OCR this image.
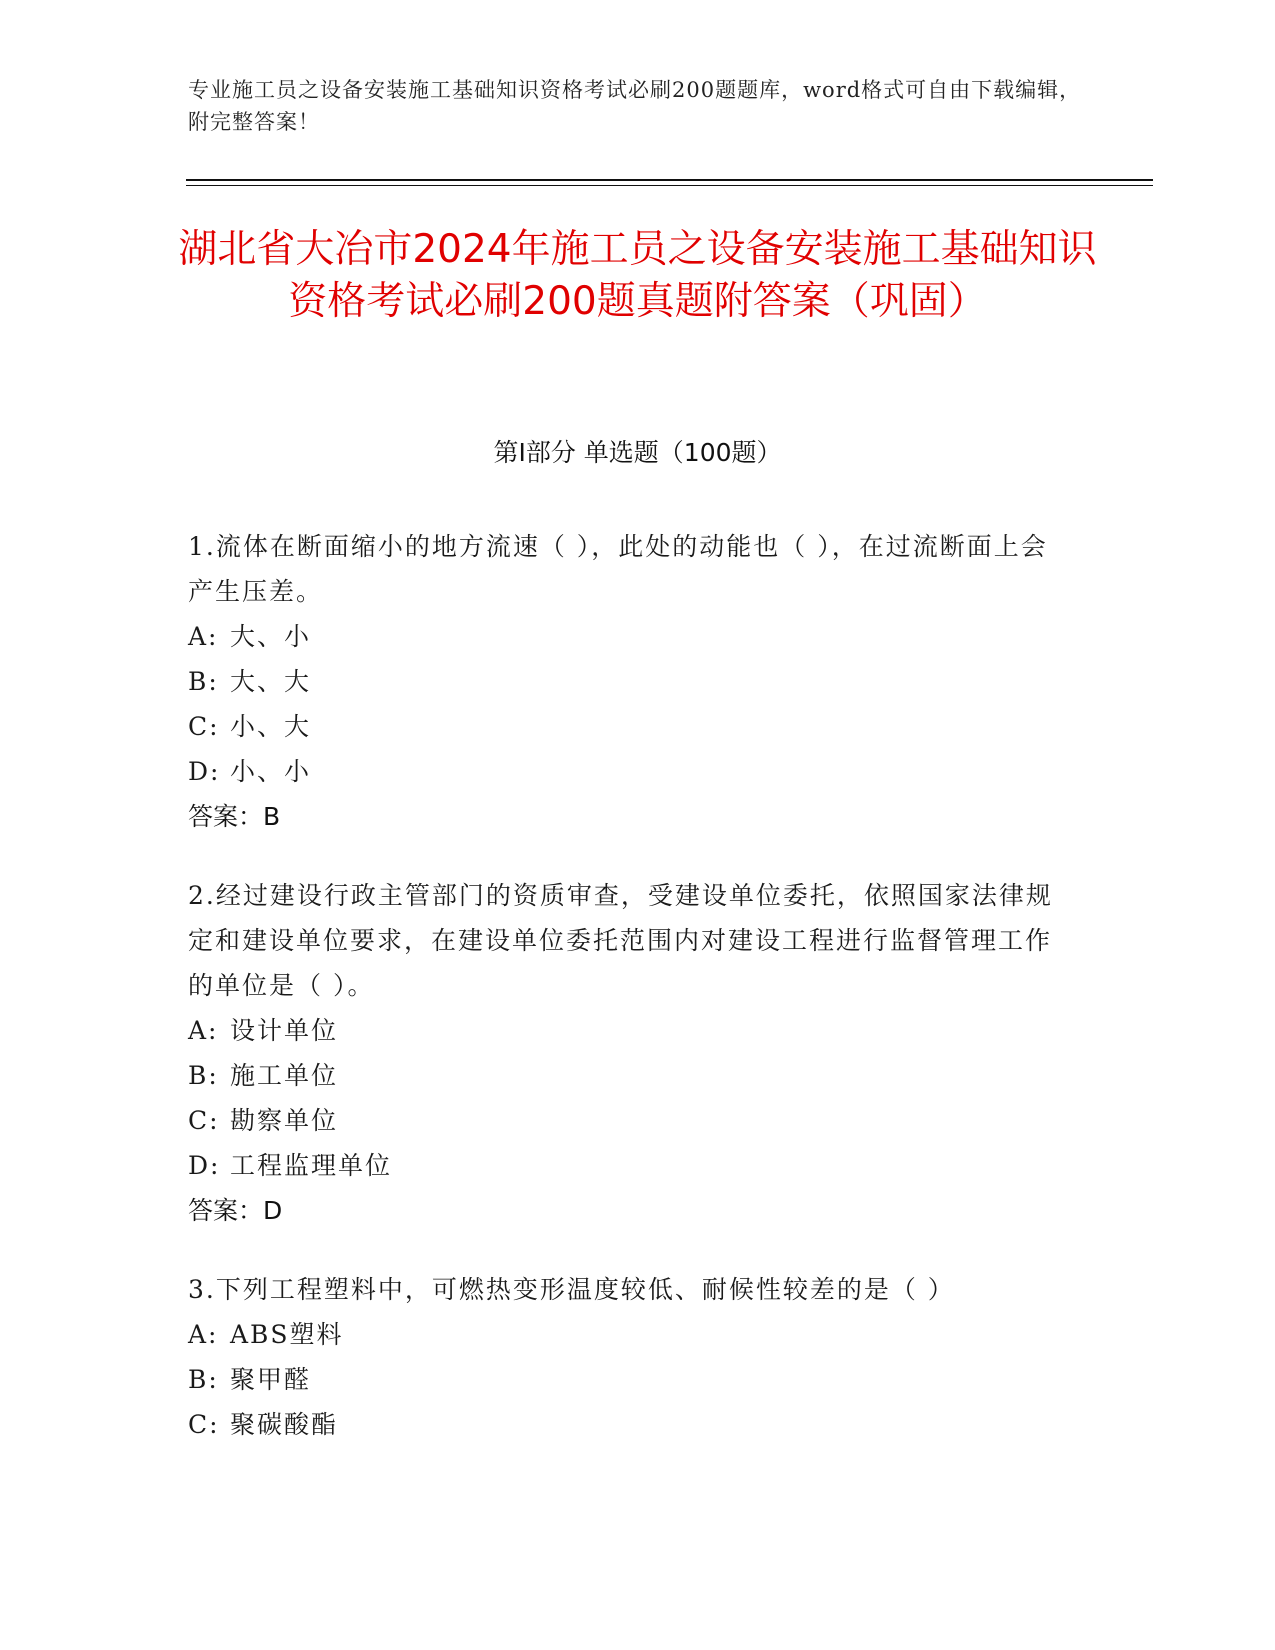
专业施工员之设备安装施工基础知识资格考试必刷200题题库，word格式可自由下载编辑，附完整答案！
湖北省大冶市2024年施工员之设备安装施工基础知识资格考试必刷200题真题附答案（巩固）
第Ⅰ部分 单选题（100题）
1.流体在断面缩小的地方流速（ ），此处的动能也（ ），在过流断面上会产生压差。
A: 大、小
B: 大、大
C: 小、大
D: 小、小
答案：B
2.经过建设行政主管部门的资质审查，受建设单位委托，依照国家法律规定和建设单位要求，在建设单位委托范围内对建设工程进行监督管理工作的单位是（ ）。
A: 设计单位
B: 施工单位
C: 勘察单位
D: 工程监理单位
答案：D
3.下列工程塑料中，可燃热变形温度较低、耐候性较差的是（ ）
A: ABS塑料
B: 聚甲醛
C: 聚碳酸酯
